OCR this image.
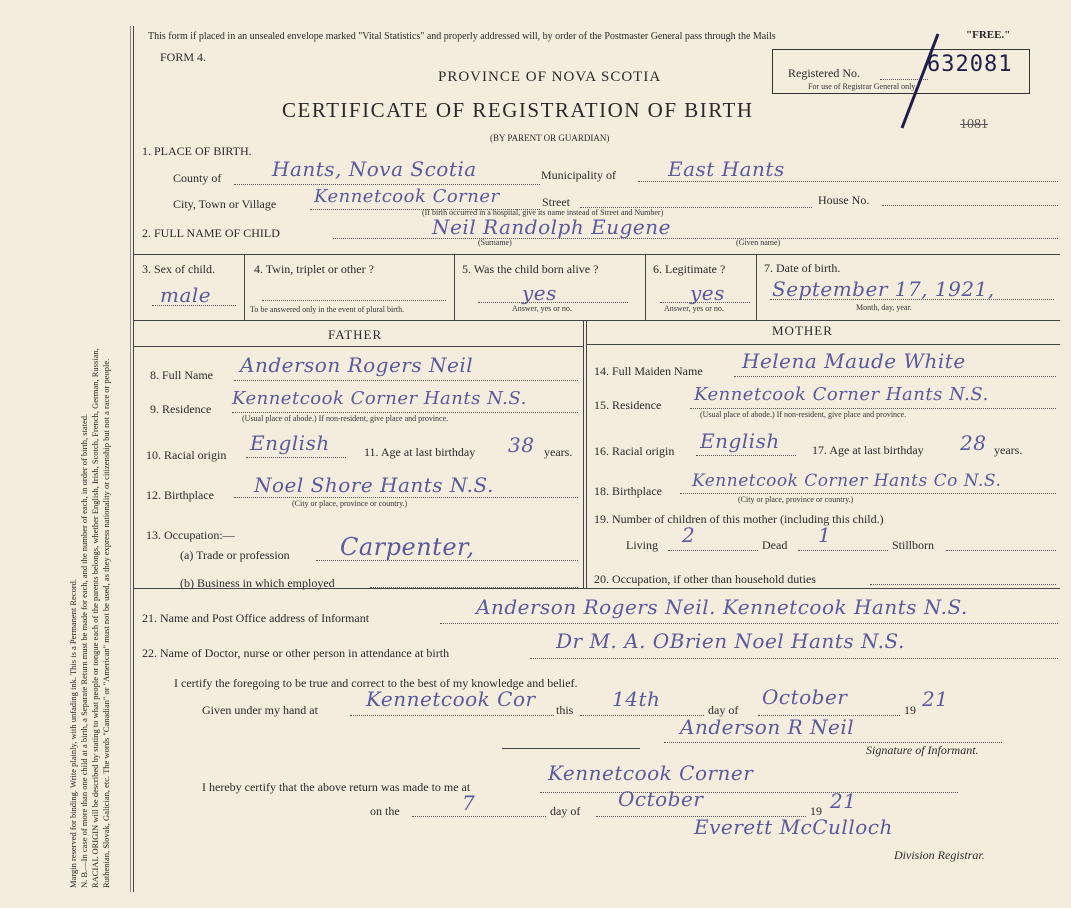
Margin reserved for binding. Write plainly, with unfading ink. This is a Permanent Record. N. B.—In case of more than one child at a birth, a Separate Return must be made for each, and the number of each, in order of birth, stated. RACIAL ORIGIN will be described by stating to what people or tongue each of the parents belongs, whether English, Irish, Scotch, French, German, Russian, Ruthenian, Slovak, Galician, etc. The words "Canadian" or "American" must not be used, as they express nationality or citizenship but not a race or people.
This form if placed in an unsealed envelope marked "Vital Statistics" and properly addressed will, by order of the Postmaster General pass through the Mails	"FREE."
FORM 4.
PROVINCE OF NOVA SCOTIA
CERTIFICATE OF REGISTRATION OF BIRTH
(BY PARENT OR GUARDIAN)
Registered No.	632081
For use of Registrar General only.
1081
1. PLACE OF BIRTH.
County of	Hants, Nova Scotia	Municipality of	East Hants
City, Town or Village Kennetcook Corner	Street	House No.
(If birth occurred in a hospital, give its name instead of Street and Number)
2. FULL NAME OF CHILD	Neil Randolph Eugene
(Surname)	(Given name)
3. Sex of child.
male
4. Twin, triplet or other ?
To be answered only in the event of plural birth.
5. Was the child born alive ?
yes
Answer, yes or no.
6. Legitimate ?
yes
Answer, yes or no.
7. Date of birth.
September 17, 1921,
Month, day, year.
FATHER	MOTHER
8. Full Name Anderson Rogers Neil
9. Residence Kennetcook Corner Hants N.S.
(Usual place of abode.) If non-resident, give place and province.
10. Racial origin English	11. Age at last birthday 38 years.
12. Birthplace Noel Shore Hants N.S.
(City or place, province or country.)
13. Occupation:—
(a) Trade or profession Carpenter,
(b) Business in which employed
14. Full Maiden Name Helena Maude White
15. Residence Kennetcook Corner Hants N.S.
(Usual place of abode.) If non-resident, give place and province.
16. Racial origin English	17. Age at last birthday 28 years.
18. Birthplace Kennetcook Corner Hants Co N.S.
(City or place, province or country.)
19. Number of children of this mother (including this child.)
Living 2	Dead 1	Stillborn
20. Occupation, if other than household duties
21. Name and Post Office address of Informant	Anderson Rogers Neil. Kennetcook Hants N.S.
22. Name of Doctor, nurse or other person in attendance at birth	Dr M. A. OBrien Noel Hants N.S.
I certify the foregoing to be true and correct to the best of my knowledge and belief.
Given under my hand at Kennetcook Cor this 14th	day of
October
19 21
Anderson R Neil
Signature of Informant.
I hereby certify that the above return was made to me at
Kennetcook Corner
on the	7	day of October	19 21
Everett McCulloch
Division Registrar.
